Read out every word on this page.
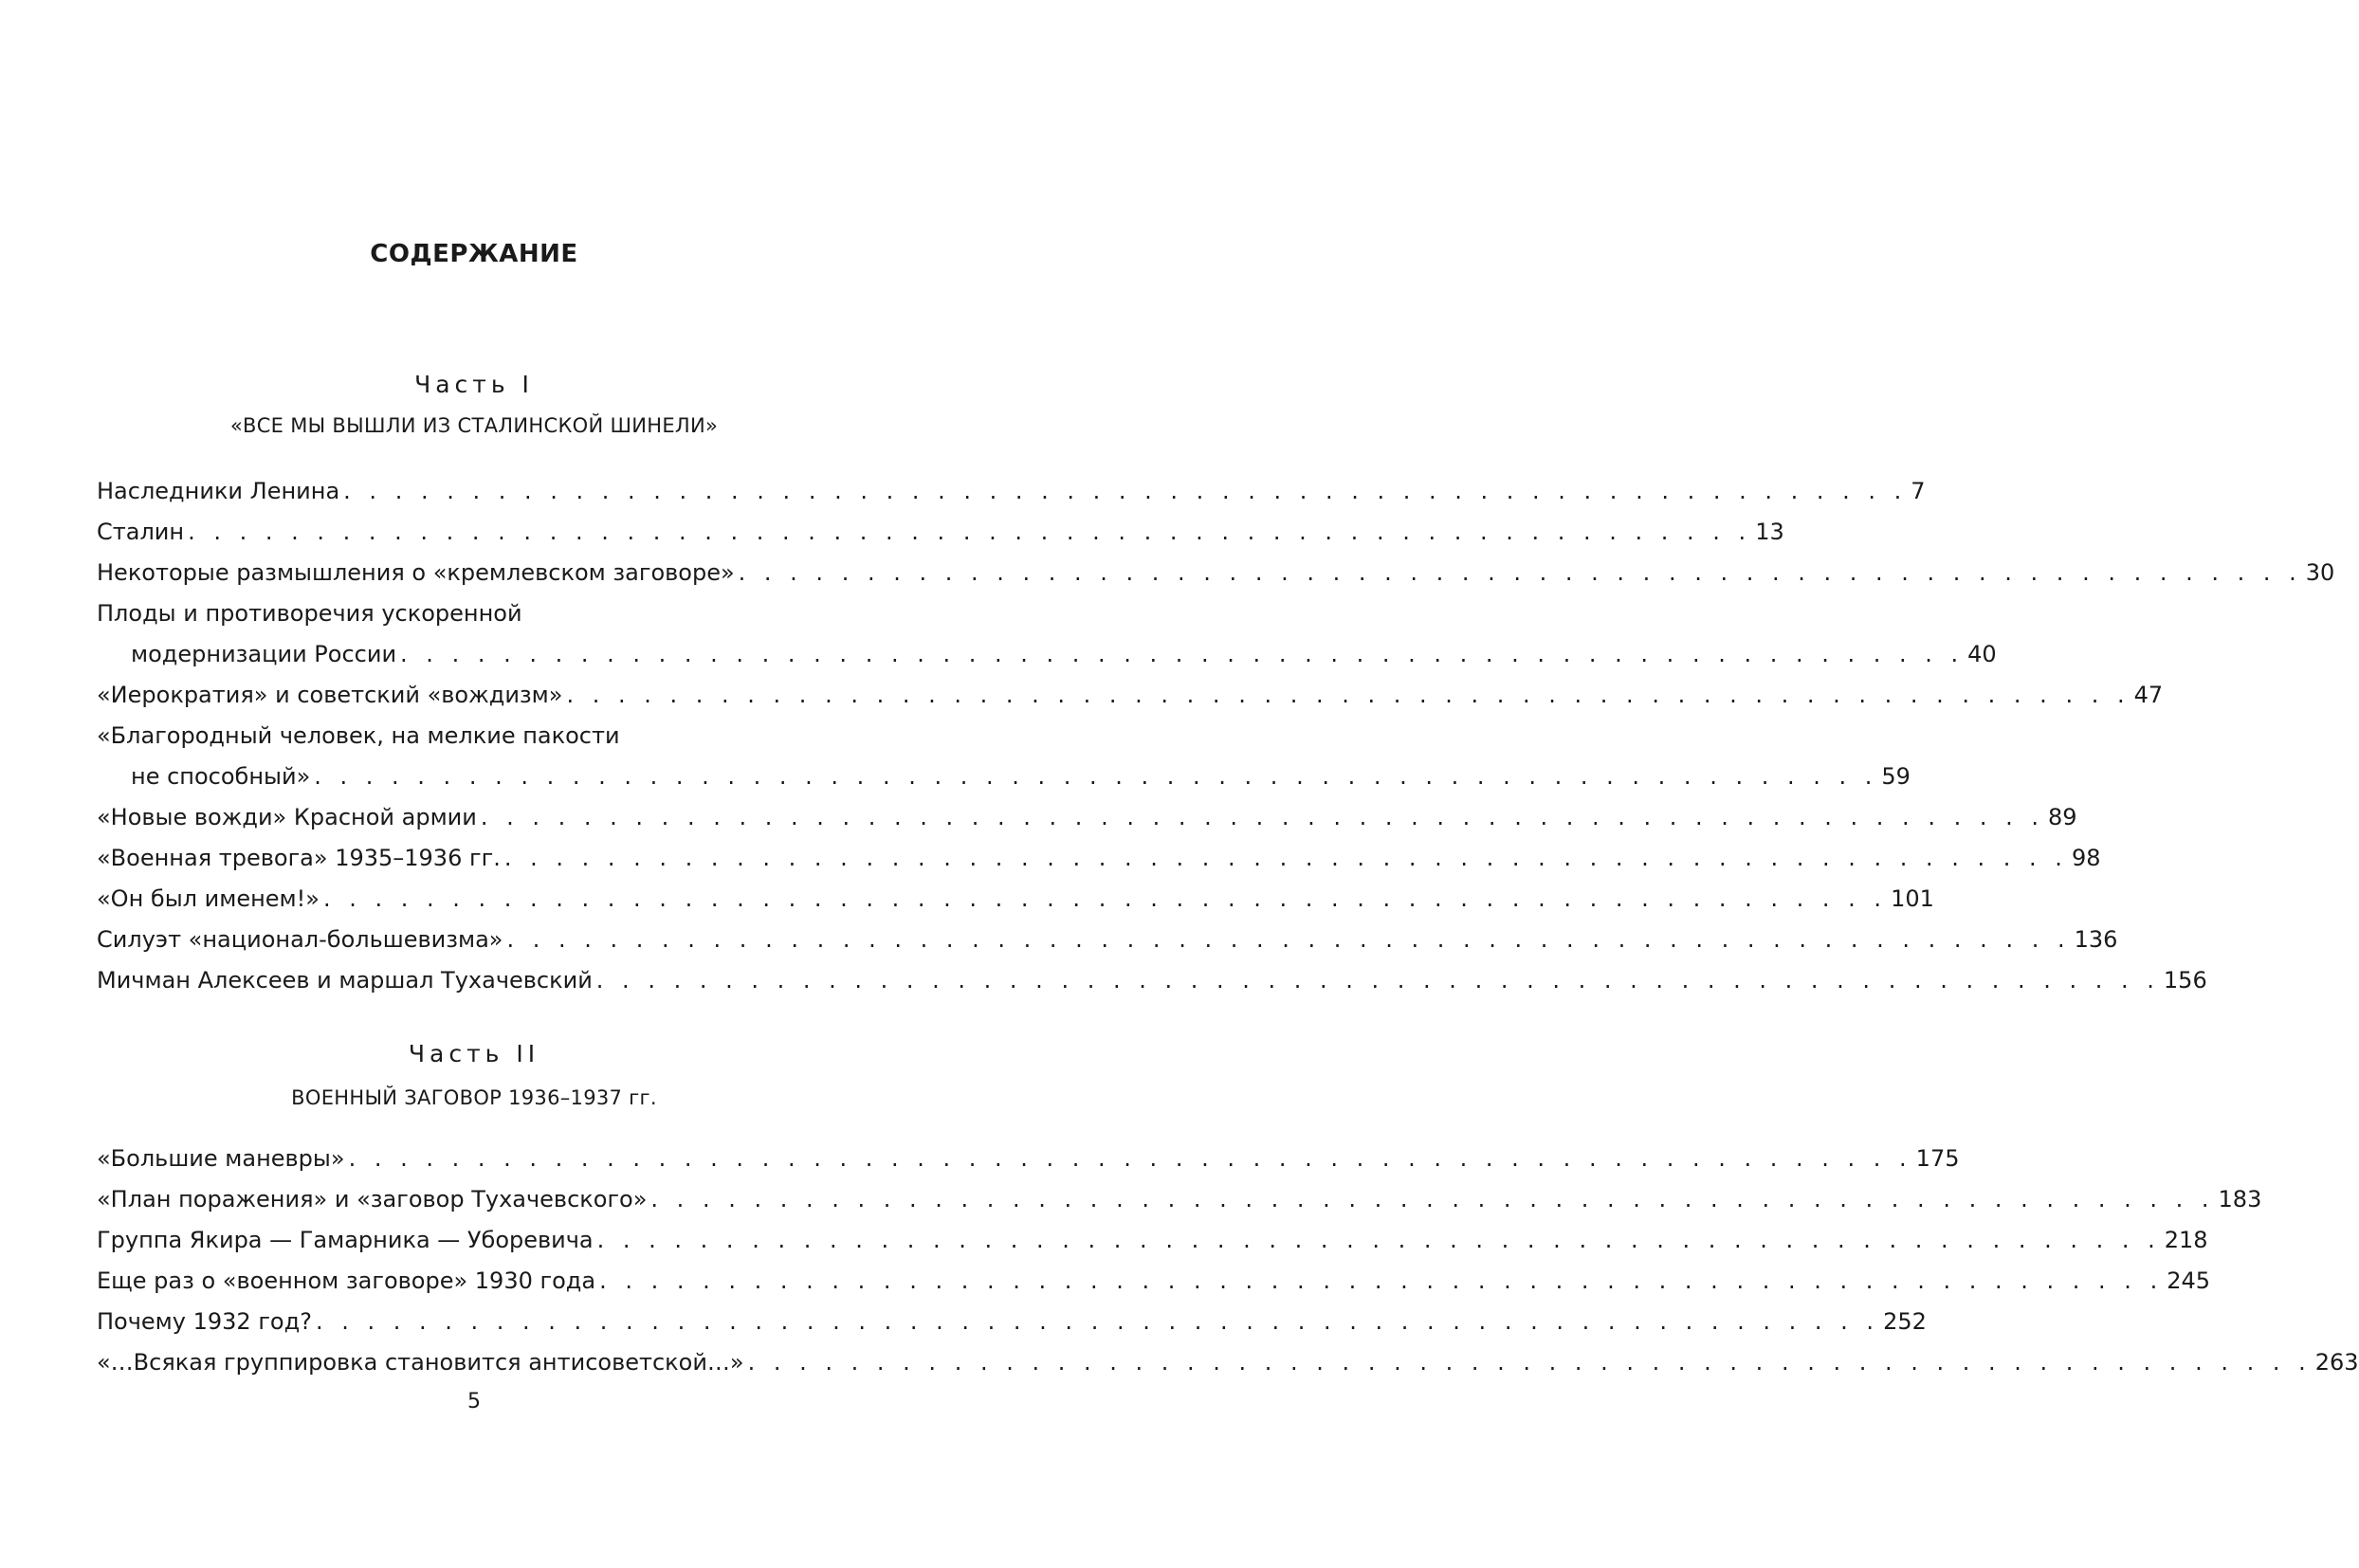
СОДЕРЖАНИЕ
Часть I
«ВСЕ МЫ ВЫШЛИ ИЗ СТАЛИНСКОЙ ШИНЕЛИ»
Наследники Ленина . . . . . . . . . . . . . . . . . . . . . . . . . . . . . . . . . . . . . . . . . . . . . . . . . . . . . . . . . . . . . 7
Сталин . . . . . . . . . . . . . . . . . . . . . . . . . . . . . . . . . . . . . . . . . . . . . . . . . . . . . . . . . . . . . 13
Некоторые размышления о «кремлевском заговоре» . . . . . . . . . . . . . . . . . . . . . . . . . . . . . . . . . . . . . . . . . . . . . . . . . . . . . . . . . . . . . 30
Плоды и противоречия ускоренной
модернизации России . . . . . . . . . . . . . . . . . . . . . . . . . . . . . . . . . . . . . . . . . . . . . . . . . . . . . . . . . . . . . 40
«Иерократия» и советский «вождизм» . . . . . . . . . . . . . . . . . . . . . . . . . . . . . . . . . . . . . . . . . . . . . . . . . . . . . . . . . . . . . 47
«Благородный человек, на мелкие пакости
не способный» . . . . . . . . . . . . . . . . . . . . . . . . . . . . . . . . . . . . . . . . . . . . . . . . . . . . . . . . . . . . . 59
«Новые вожди» Красной армии . . . . . . . . . . . . . . . . . . . . . . . . . . . . . . . . . . . . . . . . . . . . . . . . . . . . . . . . . . . . . 89
«Военная тревога» 1935–1936 гг. . . . . . . . . . . . . . . . . . . . . . . . . . . . . . . . . . . . . . . . . . . . . . . . . . . . . . . . . . . . . . 98
«Он был именем!» . . . . . . . . . . . . . . . . . . . . . . . . . . . . . . . . . . . . . . . . . . . . . . . . . . . . . . . . . . . . . 101
Силуэт «национал-большевизма» . . . . . . . . . . . . . . . . . . . . . . . . . . . . . . . . . . . . . . . . . . . . . . . . . . . . . . . . . . . . . 136
Мичман Алексеев и маршал Тухачевский . . . . . . . . . . . . . . . . . . . . . . . . . . . . . . . . . . . . . . . . . . . . . . . . . . . . . . . . . . . . . 156
Часть II
ВОЕННЫЙ ЗАГОВОР 1936–1937 гг.
«Большие маневры» . . . . . . . . . . . . . . . . . . . . . . . . . . . . . . . . . . . . . . . . . . . . . . . . . . . . . . . . . . . . . 175
«План поражения» и «заговор Тухачевского» . . . . . . . . . . . . . . . . . . . . . . . . . . . . . . . . . . . . . . . . . . . . . . . . . . . . . . . . . . . . . 183
Группа Якира — Гамарника — Уборевича . . . . . . . . . . . . . . . . . . . . . . . . . . . . . . . . . . . . . . . . . . . . . . . . . . . . . . . . . . . . . 218
Еще раз о «военном заговоре» 1930 года . . . . . . . . . . . . . . . . . . . . . . . . . . . . . . . . . . . . . . . . . . . . . . . . . . . . . . . . . . . . . 245
Почему 1932 год? . . . . . . . . . . . . . . . . . . . . . . . . . . . . . . . . . . . . . . . . . . . . . . . . . . . . . . . . . . . . . 252
«…Всякая группировка становится антисоветской…» . . . . . . . . . . . . . . . . . . . . . . . . . . . . . . . . . . . . . . . . . . . . . . . . . . . . . . . . . . . . . 263
5
